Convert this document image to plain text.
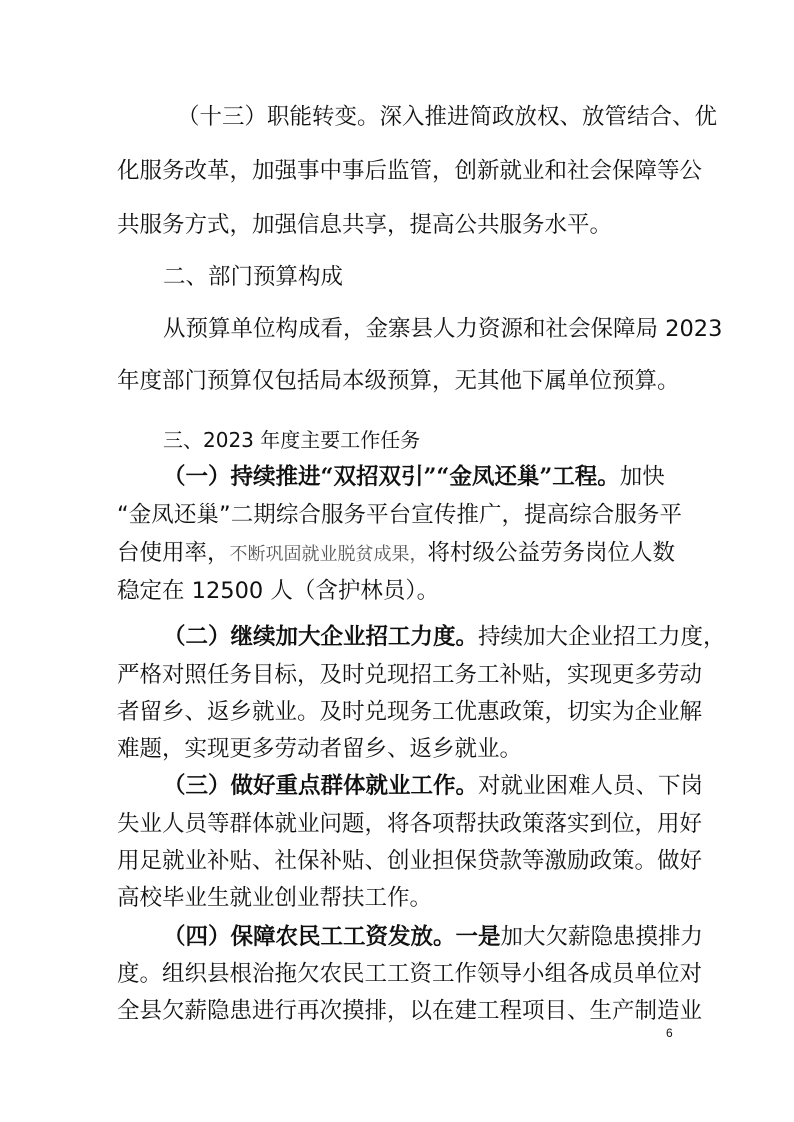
（十三）职能转变。深入推进简政放权、放管结合、优
化服务改革，加强事中事后监管，创新就业和社会保障等公
共服务方式，加强信息共享，提高公共服务水平。
二、部门预算构成
从预算单位构成看，金寨县人力资源和社会保障局 2023
年度部门预算仅包括局本级预算，无其他下属单位预算。
三、2023 年度主要工作任务
（一）持续推进“双招双引”“金凤还巢”工程。加快
“金凤还巢”二期综合服务平台宣传推广，提高综合服务平
台使用率，不断巩固就业脱贫成果，将村级公益劳务岗位人数
稳定在 12500 人（含护林员）。
（二）继续加大企业招工力度。持续加大企业招工力度，
严格对照任务目标，及时兑现招工务工补贴，实现更多劳动
者留乡、返乡就业。及时兑现务工优惠政策，切实为企业解
难题，实现更多劳动者留乡、返乡就业。
（三）做好重点群体就业工作。对就业困难人员、下岗
失业人员等群体就业问题，将各项帮扶政策落实到位，用好
用足就业补贴、社保补贴、创业担保贷款等激励政策。做好
高校毕业生就业创业帮扶工作。
（四）保障农民工工资发放。一是加大欠薪隐患摸排力
度。组织县根治拖欠农民工工资工作领导小组各成员单位对
全县欠薪隐患进行再次摸排，以在建工程项目、生产制造业
6
